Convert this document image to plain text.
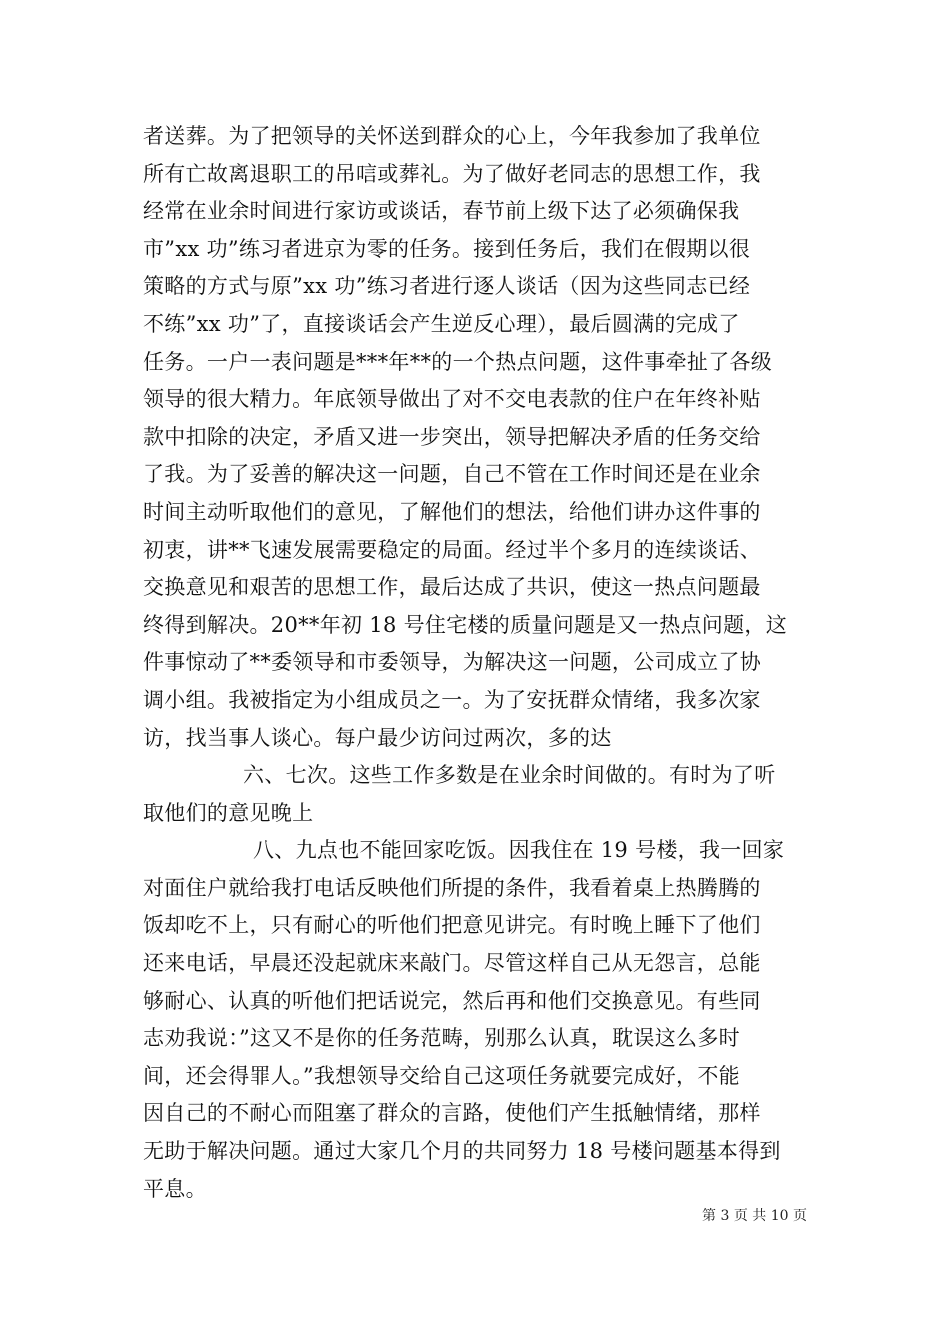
者送葬。为了把领导的关怀送到群众的心上，今年我参加了我单位
所有亡故离退职工的吊唁或葬礼。为了做好老同志的思想工作，我
经常在业余时间进行家访或谈话，春节前上级下达了必须确保我
市”xx 功”练习者进京为零的任务。接到任务后，我们在假期以很
策略的方式与原”xx 功”练习者进行逐人谈话（因为这些同志已经
不练”xx 功”了，直接谈话会产生逆反心理），最后圆满的完成了
任务。一户一表问题是***年**的一个热点问题，这件事牵扯了各级
领导的很大精力。年底领导做出了对不交电表款的住户在年终补贴
款中扣除的决定，矛盾又进一步突出，领导把解决矛盾的任务交给
了我。为了妥善的解决这一问题，自己不管在工作时间还是在业余
时间主动听取他们的意见，了解他们的想法，给他们讲办这件事的
初衷，讲**飞速发展需要稳定的局面。经过半个多月的连续谈话、
交换意见和艰苦的思想工作，最后达成了共识，使这一热点问题最
终得到解决。20**年初 18 号住宅楼的质量问题是又一热点问题，这
件事惊动了**委领导和市委领导，为解决这一问题，公司成立了协
调小组。我被指定为小组成员之一。为了安抚群众情绪，我多次家
访，找当事人谈心。每户最少访问过两次，多的达
六、七次。这些工作多数是在业余时间做的。有时为了听
取他们的意见晚上
八、九点也不能回家吃饭。因我住在 19 号楼，我一回家
对面住户就给我打电话反映他们所提的条件，我看着桌上热腾腾的
饭却吃不上，只有耐心的听他们把意见讲完。有时晚上睡下了他们
还来电话，早晨还没起就床来敲门。尽管这样自己从无怨言，总能
够耐心、认真的听他们把话说完，然后再和他们交换意见。有些同
志劝我说：”这又不是你的任务范畴，别那么认真，耽误这么多时
间，还会得罪人。”我想领导交给自己这项任务就要完成好，不能
因自己的不耐心而阻塞了群众的言路，使他们产生抵触情绪，那样
无助于解决问题。通过大家几个月的共同努力 18 号楼问题基本得到
平息。
第 3 页 共 10 页
